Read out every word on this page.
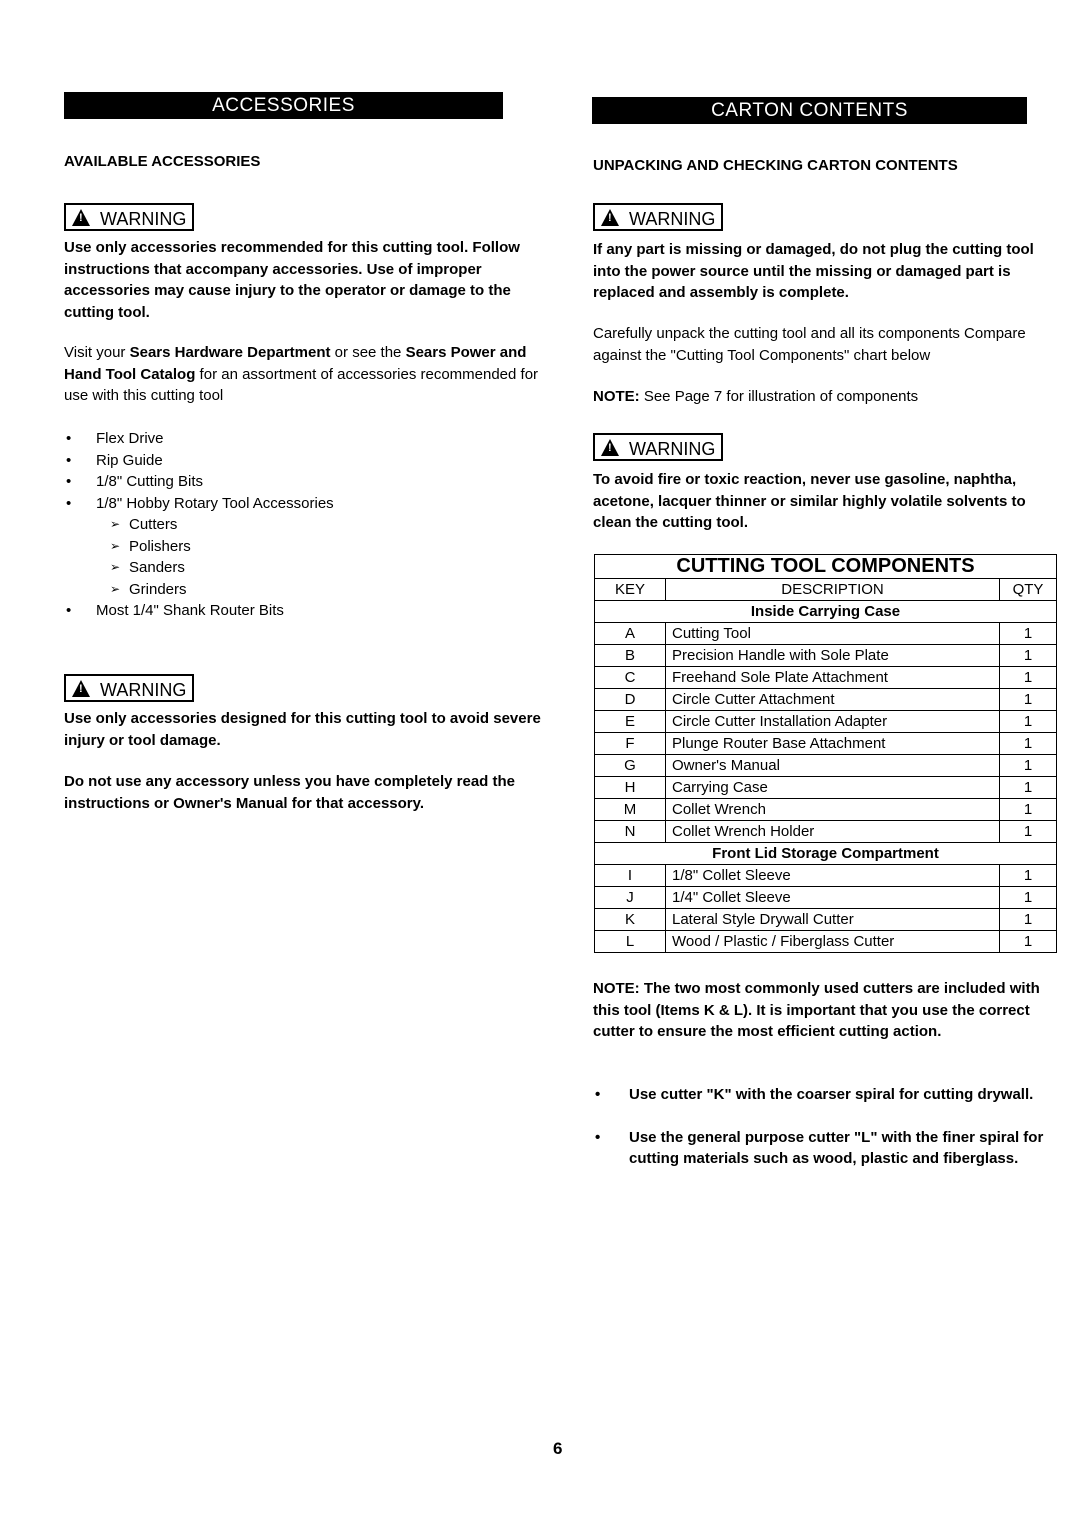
ACCESSORIES
AVAILABLE ACCESSORIES
!WARNING
Use only accessories recommended for this cutting tool. Follow instructions that accompany accessories. Use of improper accessories may cause injury to the operator or damage to the cutting tool.
Visit your Sears Hardware Department or see the Sears Power and Hand Tool Catalog for an assortment of accessories recommended for use with this cutting tool
• Flex Drive
• Rip Guide
• 1/8" Cutting Bits
• 1/8" Hobby Rotary Tool Accessories
➢ Cutters
➢ Polishers
➢ Sanders
➢ Grinders
• Most 1/4" Shank Router Bits
!WARNING
Use only accessories designed for this cutting tool to avoid severe injury or tool damage.
Do not use any accessory unless you have completely read the instructions or Owner's Manual for that accessory.
CARTON CONTENTS
UNPACKING AND CHECKING CARTON CONTENTS
!WARNING
If any part is missing or damaged, do not plug the cutting tool into the power source until the missing or damaged part is replaced and assembly is complete.
Carefully unpack the cutting tool and all its components Compare against the "Cutting Tool Components" chart below
NOTE: See Page 7 for illustration of components
!WARNING
To avoid fire or toxic reaction, never use gasoline, naphtha, acetone, lacquer thinner or similar highly volatile solvents to clean the cutting tool.
CUTTING TOOL COMPONENTS		
KEY	DESCRIPTION	QTY
Inside Carrying Case		
A	Cutting Tool	1
B	Precision Handle with Sole Plate	1
C	Freehand Sole Plate Attachment	1
D	Circle Cutter Attachment	1
E	Circle Cutter Installation Adapter	1
F	Plunge Router Base Attachment	1
G	Owner's Manual	1
H	Carrying Case	1
M	Collet Wrench	1
N	Collet Wrench Holder	1
Front Lid Storage Compartment		
I	1/8" Collet Sleeve	1
J	1/4" Collet Sleeve	1
K	Lateral Style Drywall Cutter	1
L	Wood / Plastic / Fiberglass Cutter	1
NOTE: The two most commonly used cutters are included with this tool (Items K & L). It is important that you use the correct cutter to ensure the most efficient cutting action.
• Use cutter "K" with the coarser spiral for cutting drywall.
• Use the general purpose cutter "L" with the finer spiral for cutting materials such as wood, plastic and fiberglass.
6
